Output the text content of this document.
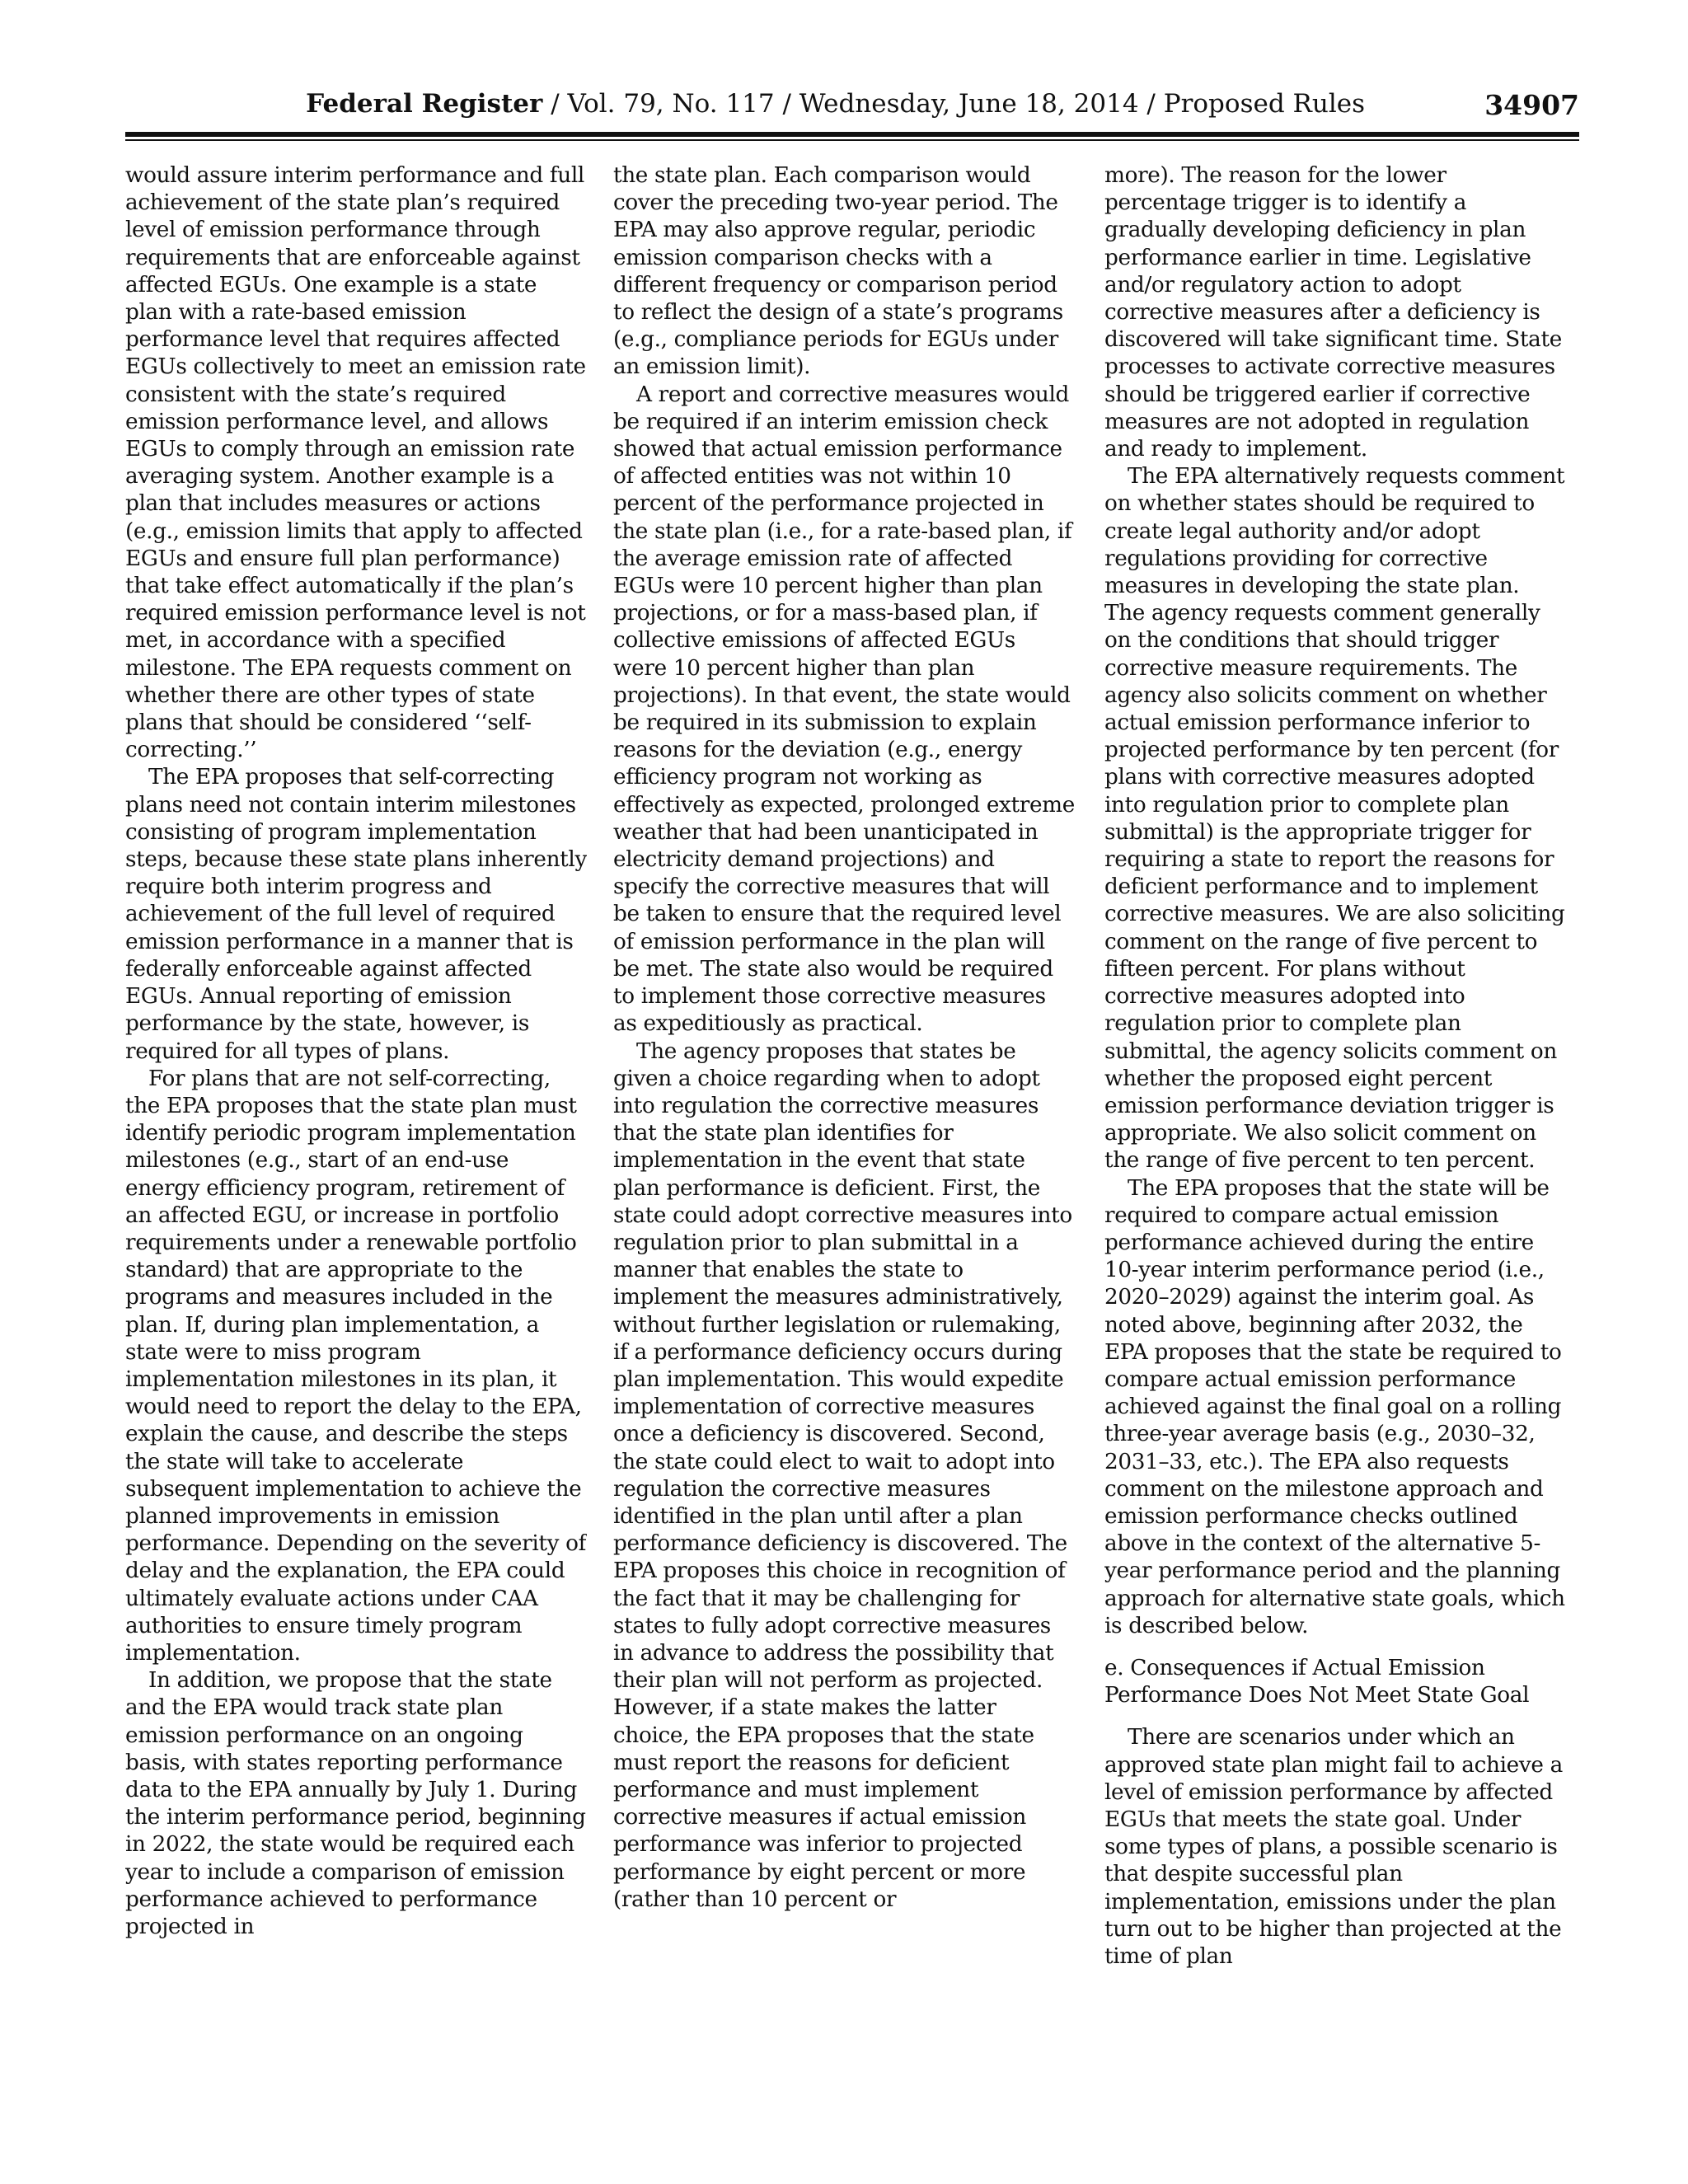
Federal Register / Vol. 79, No. 117 / Wednesday, June 18, 2014 / Proposed Rules	34907

would assure interim performance and full achievement of the state plan’s required level of emission performance through requirements that are enforceable against affected EGUs. One example is a state plan with a rate-based emission performance level that requires affected EGUs collectively to meet an emission rate consistent with the state’s required emission performance level, and allows EGUs to comply through an emission rate averaging system. Another example is a plan that includes measures or actions (e.g., emission limits that apply to affected EGUs and ensure full plan performance) that take effect automatically if the plan’s required emission performance level is not met, in accordance with a specified milestone. The EPA requests comment on whether there are other types of state plans that should be considered ‘‘self-correcting.’’

The EPA proposes that self-correcting plans need not contain interim milestones consisting of program implementation steps, because these state plans inherently require both interim progress and achievement of the full level of required emission performance in a manner that is federally enforceable against affected EGUs. Annual reporting of emission performance by the state, however, is required for all types of plans.

For plans that are not self-correcting, the EPA proposes that the state plan must identify periodic program implementation milestones (e.g., start of an end-use energy efficiency program, retirement of an affected EGU, or increase in portfolio requirements under a renewable portfolio standard) that are appropriate to the programs and measures included in the plan. If, during plan implementation, a state were to miss program implementation milestones in its plan, it would need to report the delay to the EPA, explain the cause, and describe the steps the state will take to accelerate subsequent implementation to achieve the planned improvements in emission performance. Depending on the severity of delay and the explanation, the EPA could ultimately evaluate actions under CAA authorities to ensure timely program implementation.

In addition, we propose that the state and the EPA would track state plan emission performance on an ongoing basis, with states reporting performance data to the EPA annually by July 1. During the interim performance period, beginning in 2022, the state would be required each year to include a comparison of emission performance achieved to performance projected in

the state plan. Each comparison would cover the preceding two-year period. The EPA may also approve regular, periodic emission comparison checks with a different frequency or comparison period to reflect the design of a state’s programs (e.g., compliance periods for EGUs under an emission limit).

A report and corrective measures would be required if an interim emission check showed that actual emission performance of affected entities was not within 10 percent of the performance projected in the state plan (i.e., for a rate-based plan, if the average emission rate of affected EGUs were 10 percent higher than plan projections, or for a mass-based plan, if collective emissions of affected EGUs were 10 percent higher than plan projections). In that event, the state would be required in its submission to explain reasons for the deviation (e.g., energy efficiency program not working as effectively as expected, prolonged extreme weather that had been unanticipated in electricity demand projections) and specify the corrective measures that will be taken to ensure that the required level of emission performance in the plan will be met. The state also would be required to implement those corrective measures as expeditiously as practical.

The agency proposes that states be given a choice regarding when to adopt into regulation the corrective measures that the state plan identifies for implementation in the event that state plan performance is deficient. First, the state could adopt corrective measures into regulation prior to plan submittal in a manner that enables the state to implement the measures administratively, without further legislation or rulemaking, if a performance deficiency occurs during plan implementation. This would expedite implementation of corrective measures once a deficiency is discovered. Second, the state could elect to wait to adopt into regulation the corrective measures identified in the plan until after a plan performance deficiency is discovered. The EPA proposes this choice in recognition of the fact that it may be challenging for states to fully adopt corrective measures in advance to address the possibility that their plan will not perform as projected. However, if a state makes the latter choice, the EPA proposes that the state must report the reasons for deficient performance and must implement corrective measures if actual emission performance was inferior to projected performance by eight percent or more (rather than 10 percent or

more). The reason for the lower percentage trigger is to identify a gradually developing deficiency in plan performance earlier in time. Legislative and/or regulatory action to adopt corrective measures after a deficiency is discovered will take significant time. State processes to activate corrective measures should be triggered earlier if corrective measures are not adopted in regulation and ready to implement.

The EPA alternatively requests comment on whether states should be required to create legal authority and/or adopt regulations providing for corrective measures in developing the state plan. The agency requests comment generally on the conditions that should trigger corrective measure requirements. The agency also solicits comment on whether actual emission performance inferior to projected performance by ten percent (for plans with corrective measures adopted into regulation prior to complete plan submittal) is the appropriate trigger for requiring a state to report the reasons for deficient performance and to implement corrective measures. We are also soliciting comment on the range of five percent to fifteen percent. For plans without corrective measures adopted into regulation prior to complete plan submittal, the agency solicits comment on whether the proposed eight percent emission performance deviation trigger is appropriate. We also solicit comment on the range of five percent to ten percent.

The EPA proposes that the state will be required to compare actual emission performance achieved during the entire 10-year interim performance period (i.e., 2020–2029) against the interim goal. As noted above, beginning after 2032, the EPA proposes that the state be required to compare actual emission performance achieved against the final goal on a rolling three-year average basis (e.g., 2030–32, 2031–33, etc.). The EPA also requests comment on the milestone approach and emission performance checks outlined above in the context of the alternative 5-year performance period and the planning approach for alternative state goals, which is described below.

e. Consequences if Actual Emission Performance Does Not Meet State Goal

There are scenarios under which an approved state plan might fail to achieve a level of emission performance by affected EGUs that meets the state goal. Under some types of plans, a possible scenario is that despite successful plan implementation, emissions under the plan turn out to be higher than projected at the time of plan
